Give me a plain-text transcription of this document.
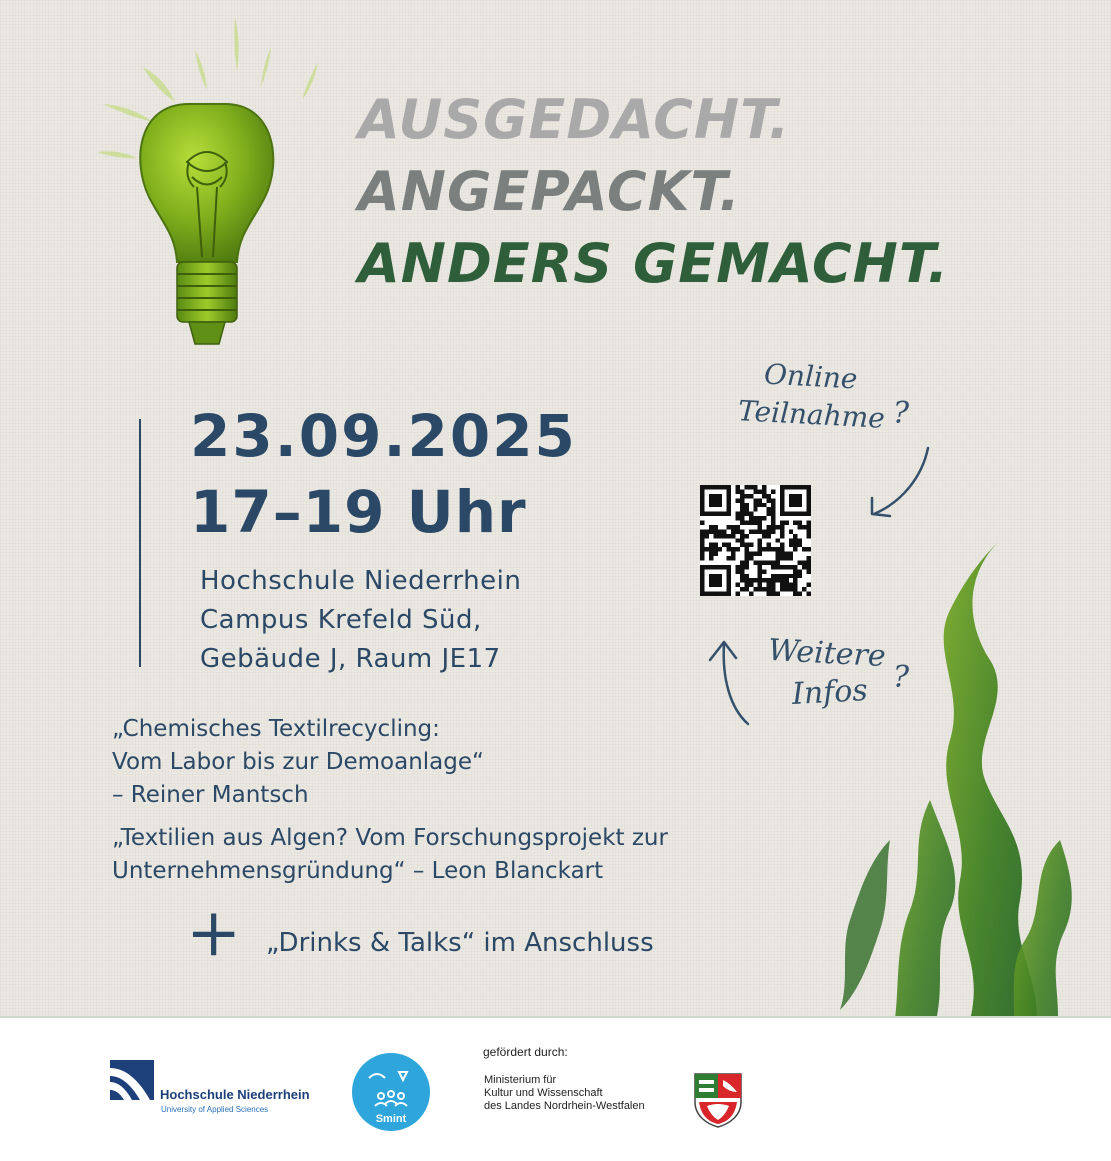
AUSGEDACHT.
ANGEPACKT.
ANDERS GEMACHT.
23.09.2025
17–19 Uhr
Hochschule Niederrhein
Campus Krefeld Süd,
Gebäude J, Raum JE17
„Chemisches Textilrecycling:
Vom Labor bis zur Demoanlage“
– Reiner Mantsch
„Textilien aus Algen? Vom Forschungsprojekt zur
Unternehmensgründung“ – Leon Blanckart
+ „Drinks & Talks“ im Anschluss
Online
Teilnahme ?
Weitere
Infos ?
Hochschule Niederrhein
University of Applied Sciences
Smint
gefördert durch:
Ministerium für
Kultur und Wissenschaft
des Landes Nordrhein-Westfalen
